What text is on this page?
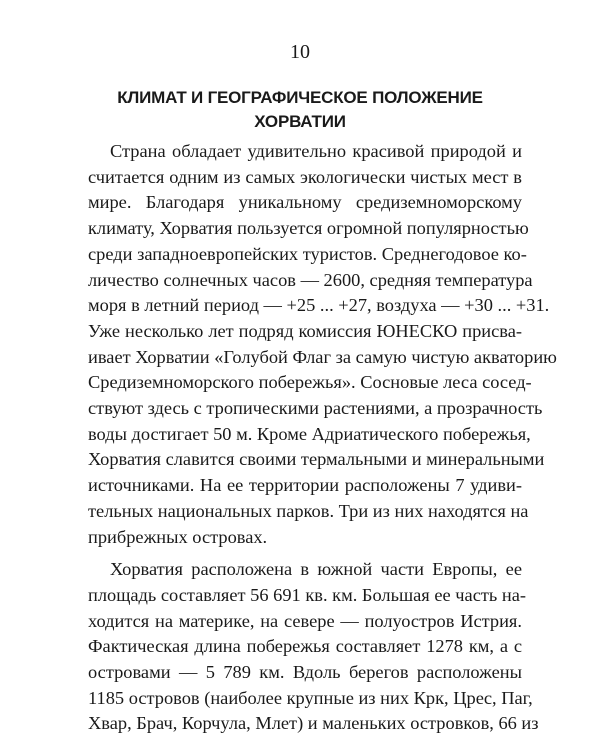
10
КЛИМАТ И ГЕОГРАФИЧЕСКОЕ ПОЛОЖЕНИЕ
ХОРВАТИИ

Страна обладает удивительно красивой природой и
считается одним из самых экологически чистых мест в
мире. Благодаря уникальному средиземноморскому
климату, Хорватия пользуется огромной популярностью
среди западноевропейских туристов. Среднегодовое ко-
личество солнечных часов — 2600, средняя температура
моря в летний период — +25 ... +27, воздуха — +30 ... +31.
Уже несколько лет подряд комиссия ЮНЕСКО присва-
ивает Хорватии «Голубой Флаг за самую чистую акваторию
Средиземноморского побережья». Сосновые леса сосед-
ствуют здесь с тропическими растениями, а прозрачность
воды достигает 50 м. Кроме Адриатического побережья,
Хорватия славится своими термальными и минеральными
источниками. На ее территории расположены 7 удиви-
тельных национальных парков. Три из них находятся на
прибрежных островах.

Хорватия расположена в южной части Европы, ее
площадь составляет 56 691 кв. км. Большая ее часть на-
ходится на материке, на севере — полуостров Истрия.
Фактическая длина побережья составляет 1278 км, а с
островами — 5 789 км. Вдоль берегов расположены
1185 островов (наиболее крупные из них Крк, Цpec, Паг,
Хвар, Брач, Корчула, Млет) и маленьких островков, 66 из
